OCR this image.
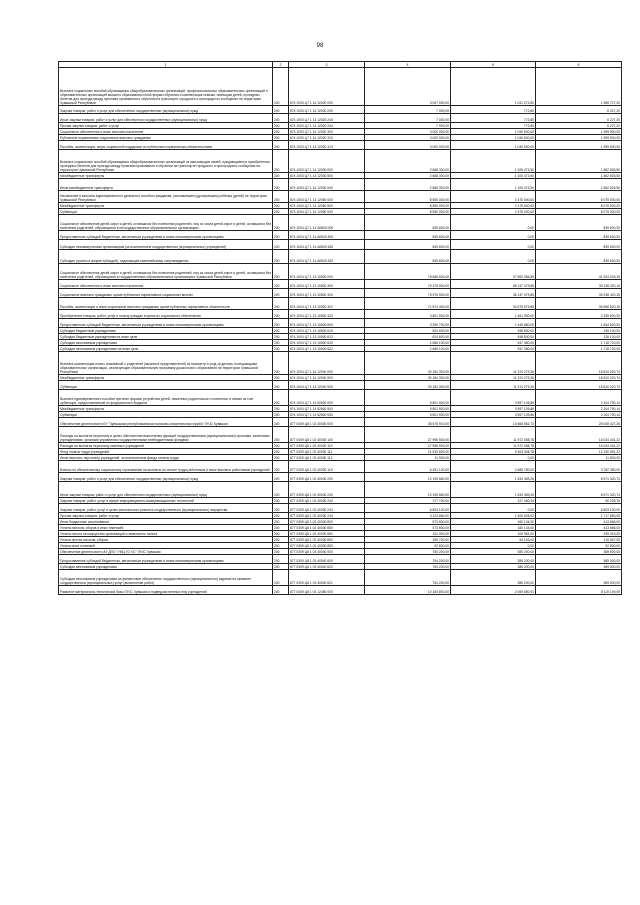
98
1	2	3	4	5	6
Выплата социальных пособий обучающимся общеобразовательных организаций, профессиональных образовательных организаций и образовательных организаций высшего образования очной формы обучения и компенсация семьям, имеющим детей, проездных билетов для проезда между пунктами проживания и обучения на транспорте городского и пригородного сообщения на территории Чувашской Республики	200	874 1003 Ц7 1 14 12020 000	3 007 000,00	1 041 272,80	1 965 727,20
Закупка товаров, работ и услуг для обеспечения государственных (муниципальных) нужд	200	874 1003 Ц7 1 14 12020 200	7 000,00	772,80	6 227,20
Иные закупки товаров, работ и услуг для обеспечения государственных (муниципальных) нужд	200	874 1003 Ц7 1 14 12020 240	7 000,00	772,80	6 227,20
Прочая закупка товаров, работ и услуг	200	874 1003 Ц7 1 14 12020 244	7 000,00	772,80	6 227,20
Социальное обеспечение и иные выплаты населению	200	874 1003 Ц7 1 14 12020 300	3 000 000,00	1 040 500,00	1 959 500,00
Публичные нормативные социальные выплаты гражданам	200	874 1003 Ц7 1 14 12020 310	3 000 000,00	1 040 500,00	1 959 500,00
Пособия, компенсации, меры социальной поддержки по публичным нормативным обязательствам	200	874 1003 Ц7 1 14 12020 313	3 000 000,00	1 040 500,00	1 959 500,00
Выплата социальных пособий обучающимся общеобразовательных организаций из малоимущих семей, нуждающимся в приобретении проездных билетов для проезда между пунктами проживания и обучения на транспорте городского и пригородного сообщения на территории Чувашской Республики	200	874 1003 Ц7 1 14 12030 000	2 668 300,00	1 105 473,50	1 562 826,50
Межбюджетные трансферты	200	874 1003 Ц7 1 14 12030 500	2 668 300,00	1 105 473,50	1 562 826,50
Иные межбюджетные трансферты	200	874 1003 Ц7 1 14 12030 540	2 668 300,00	1 105 473,50	1 562 826,50
Назначение и выплата единовременного денежного пособия гражданам, усыновившим (удочерившим) ребенка (детей) на территории Чувашской Республики	200	874 1004 Ц7 1 14 12060 000	8 550 000,00	2 475 000,00	6 075 000,00
Межбюджетные трансферты	200	874 1004 Ц7 1 14 12060 500	8 550 000,00	2 475 000,00	6 075 000,00
Субвенции	200	874 1004 Ц7 1 14 12060 530	8 550 000,00	2 475 000,00	6 075 000,00
Социальное обеспечение детей-сирот и детей, оставшихся без попечения родителей, лиц из числа детей-сирот и детей, оставшихся без попечения родителей, обучающихся в негосударственных образовательных организациях	200	874 1004 Ц7 1 14 А0600 000	839 600,00	0,00	839 600,00
Предоставление субсидий бюджетным, автономным учреждениям и иным некоммерческим организациям	200	874 1004 Ц7 1 14 А0600 600	839 600,00	0,00	839 600,00
Субсидии некоммерческим организациям (за исключением государственных (муниципальных) учреждений)	200	874 1004 Ц7 1 14 А0600 630	839 600,00	0,00	839 600,00
Субсидии (гранты в форме субсидий), подлежащие казначейскому сопровождению	200	874 1004 Ц7 1 14 А0600 632	839 600,00	0,00	839 600,00
Социальное обеспечение детей-сирот и детей, оставшихся без попечения родителей, лиц из числа детей-сирот и детей, оставшихся без попечения родителей, обучающихся в государственных образовательных организациях Чувашской Республики	200	874 1004 Ц7 1 13 10500 000	78 666 600,00	37 563 356,85	41 003 243,15
Социальное обеспечение и иные выплаты населению	200	874 1004 Ц7 1 13 10500 300	75 375 900,00	36 137 479,85	39 238 420,15
Социальные выплаты гражданам, кроме публичных нормативных социальных выплат	200	874 1004 Ц7 1 13 10500 320	75 375 900,00	36 137 479,85	39 238 420,15
Пособия, компенсации и иные социальные выплаты гражданам, кроме публичных нормативных обязательств	200	874 1004 Ц7 1 13 10500 321	71 574 400,00	34 675 579,85	36 898 820,15
Приобретение товаров, работ, услуг в пользу граждан в целях их социального обеспечения	200	874 1004 Ц7 1 13 10500 323	3 801 500,00	1 461 900,00	2 339 600,00
Предоставление субсидий бюджетным, автономным учреждениям и иным некоммерческим организациям	200	874 1004 Ц7 1 13 10500 600	3 290 700,00	1 445 880,00	1 844 820,00
Субсидии бюджетным учреждениям	200	874 1004 Ц7 1 13 10500 610	624 600,00	498 500,00	126 100,00
Субсидии бюджетным учреждениям на иные цели	200	874 1004 Ц7 1 13 10500 612	624 600,00	498 500,00	126 100,00
Субсидии автономным учреждениям	200	874 1004 Ц7 1 13 10500 620	2 666 100,00	947 380,00	1 718 720,00
Субсидии автономным учреждениям на иные цели	200	874 1004 Ц7 1 13 10500 622	2 666 100,00	947 380,00	1 718 720,00
Выплата компенсации платы, взимаемой с родителей (законных представителей) за присмотр и уход за детьми, посещающими образовательные организации, реализующие образовательную программу дошкольного образования на территории Чувашской Республики	200	874 1004 Ц7 1 14 12040 000	30 184 300,00	11 374 279,26	18 810 020,74
Межбюджетные трансферты	200	874 1004 Ц7 1 14 12040 500	30 184 300,00	11 374 279,26	18 810 020,74
Субвенции	200	874 1004 Ц7 1 14 12040 530	30 184 300,00	11 374 279,26	18 810 020,74
Выплата единовременного пособия при всех формах устройства детей, лишенных родительского попечения, в семью за счет субвенции, предоставляемой из федерального бюджета	200	874 1004 Ц7 1 14 52600 000	5 801 900,00	3 597 109,86	2 104 790,14
Межбюджетные трансферты	200	874 1004 Ц7 1 14 52600 500	5 801 900,00	3 597 109,86	2 104 790,14
Субвенции	200	874 1004 Ц7 1 14 52600 530	5 801 900,00	3 597 109,86	2 104 790,14
Обеспечение деятельности БУ "Чувашская республиканская поисково-спасательная служба" ГКЧС Чувашии	200	877 0309 Ц8 1 02 40030 000	38 676 910,00	13 668 562,74	25 008 427,26
Расходы на выплаты персоналу в целях обеспечения выполнения функций государственными (муниципальными) органами, казенными учреждениями, органами управления государственными внебюджетными фондами	200	877 0309 Ц8 1 02 40030 100	27 996 500,00	11 972 058,78	16 024 441,22
Расходы на выплаты персоналу казенных учреждений	200	877 0309 Ц8 1 02 40030 110	27 996 500,00	11 972 058,78	16 024 441,22
Фонд оплаты труда учреждений	200	877 0309 Ц8 1 02 40030 111	21 533 600,00	9 303 308,78	12 230 591,22
Иные выплаты персоналу учреждений, за исключением фонда оплаты труда	200	877 0309 Ц8 1 02 40030 112	11 500,00	0,00	11 500,00
Взносы по обязательному социальному страхованию на выплаты по оплате труда работников и иные выплаты работникам учреждений	200	877 0309 Ц8 1 02 40030 119	6 451 100,00	2 668 750,00	3 782 350,00
Закупка товаров, работ и услуг для обеспечения государственных (муниципальных) нужд	200	877 0309 Ц8 1 02 40030 200	10 105 660,00	1 534 389,26	8 571 320,74
Иные закупки товаров, работ и услуг для обеспечения государственных (муниципальных) нужд	200	877 0309 Ц8 1 02 40030 240	10 105 660,00	1 534 389,26	8 571 320,74
Закупка товаров, работ, услуг в сфере информационно-коммуникационных технологий	200	877 0309 Ц8 1 02 40030 242	177 700,00	127 460,34	50 239,76
Закупка товаров, работ, услуг в целях капитального ремонта государственного (муниципального) имущества	200	877 0309 Ц8 1 02 40030 243	6 803 100,00	0,00	6 803 100,00
Прочая закупка товаров, работ и услуг	200	877 0309 Ц8 1 02 40030 244	3 124 860,00	1 406 928,92	1 717 880,08
Иные бюджетные ассигнования	200	877 0309 Ц8 1 02 40030 800	573 800,00	160 134,00	413 666,00
Уплата налогов, сборов и иных платежей	200	877 0309 Ц8 1 02 40030 850	573 800,00	160 134,00	413 666,00
Уплата налога на имущество организаций и земельного налога	200	877 0309 Ц8 1 02 40030 851	311 300,00	105 981,00	205 319,00
Уплата прочих налогов, сборов	200	877 0309 Ц8 1 02 40030 852	169 700,00	54 153,00	115 547,00
Уплата иных платежей	200	877 0309 Ц8 1 02 40030 853	92 800,00	0,00	92 800,00
Обеспечение деятельности АУ ДПО "УМЦ ГО ЧС" ГКЧС Чувашии	200	877 0309 Ц8 1 03 40040 000	754 200,00	385 200,00	369 000,00
Предоставление субсидий бюджетным, автономным учреждениям и иным некоммерческим организациям	200	877 0309 Ц8 1 03 40040 600	754 200,00	385 200,00	369 000,00
Субсидии автономным учреждениям	200	877 0309 Ц8 1 03 40040 620	754 200,00	385 200,00	369 000,00
Субсидии автономным учреждениям на финансовое обеспечение государственного (муниципального) задания на оказание государственных (муниципальных) услуг (выполнение работ)	200	877 0309 Ц8 1 03 40040 621	754 200,00	385 200,00	369 000,00
Развитие материально-технической базы ГКЧС Чувашии и подведомственных ему учреждений	200	877 0309 Ц8 1 04 12480 000	10 184 800,00	2 069 650,91	8 115 149,09
